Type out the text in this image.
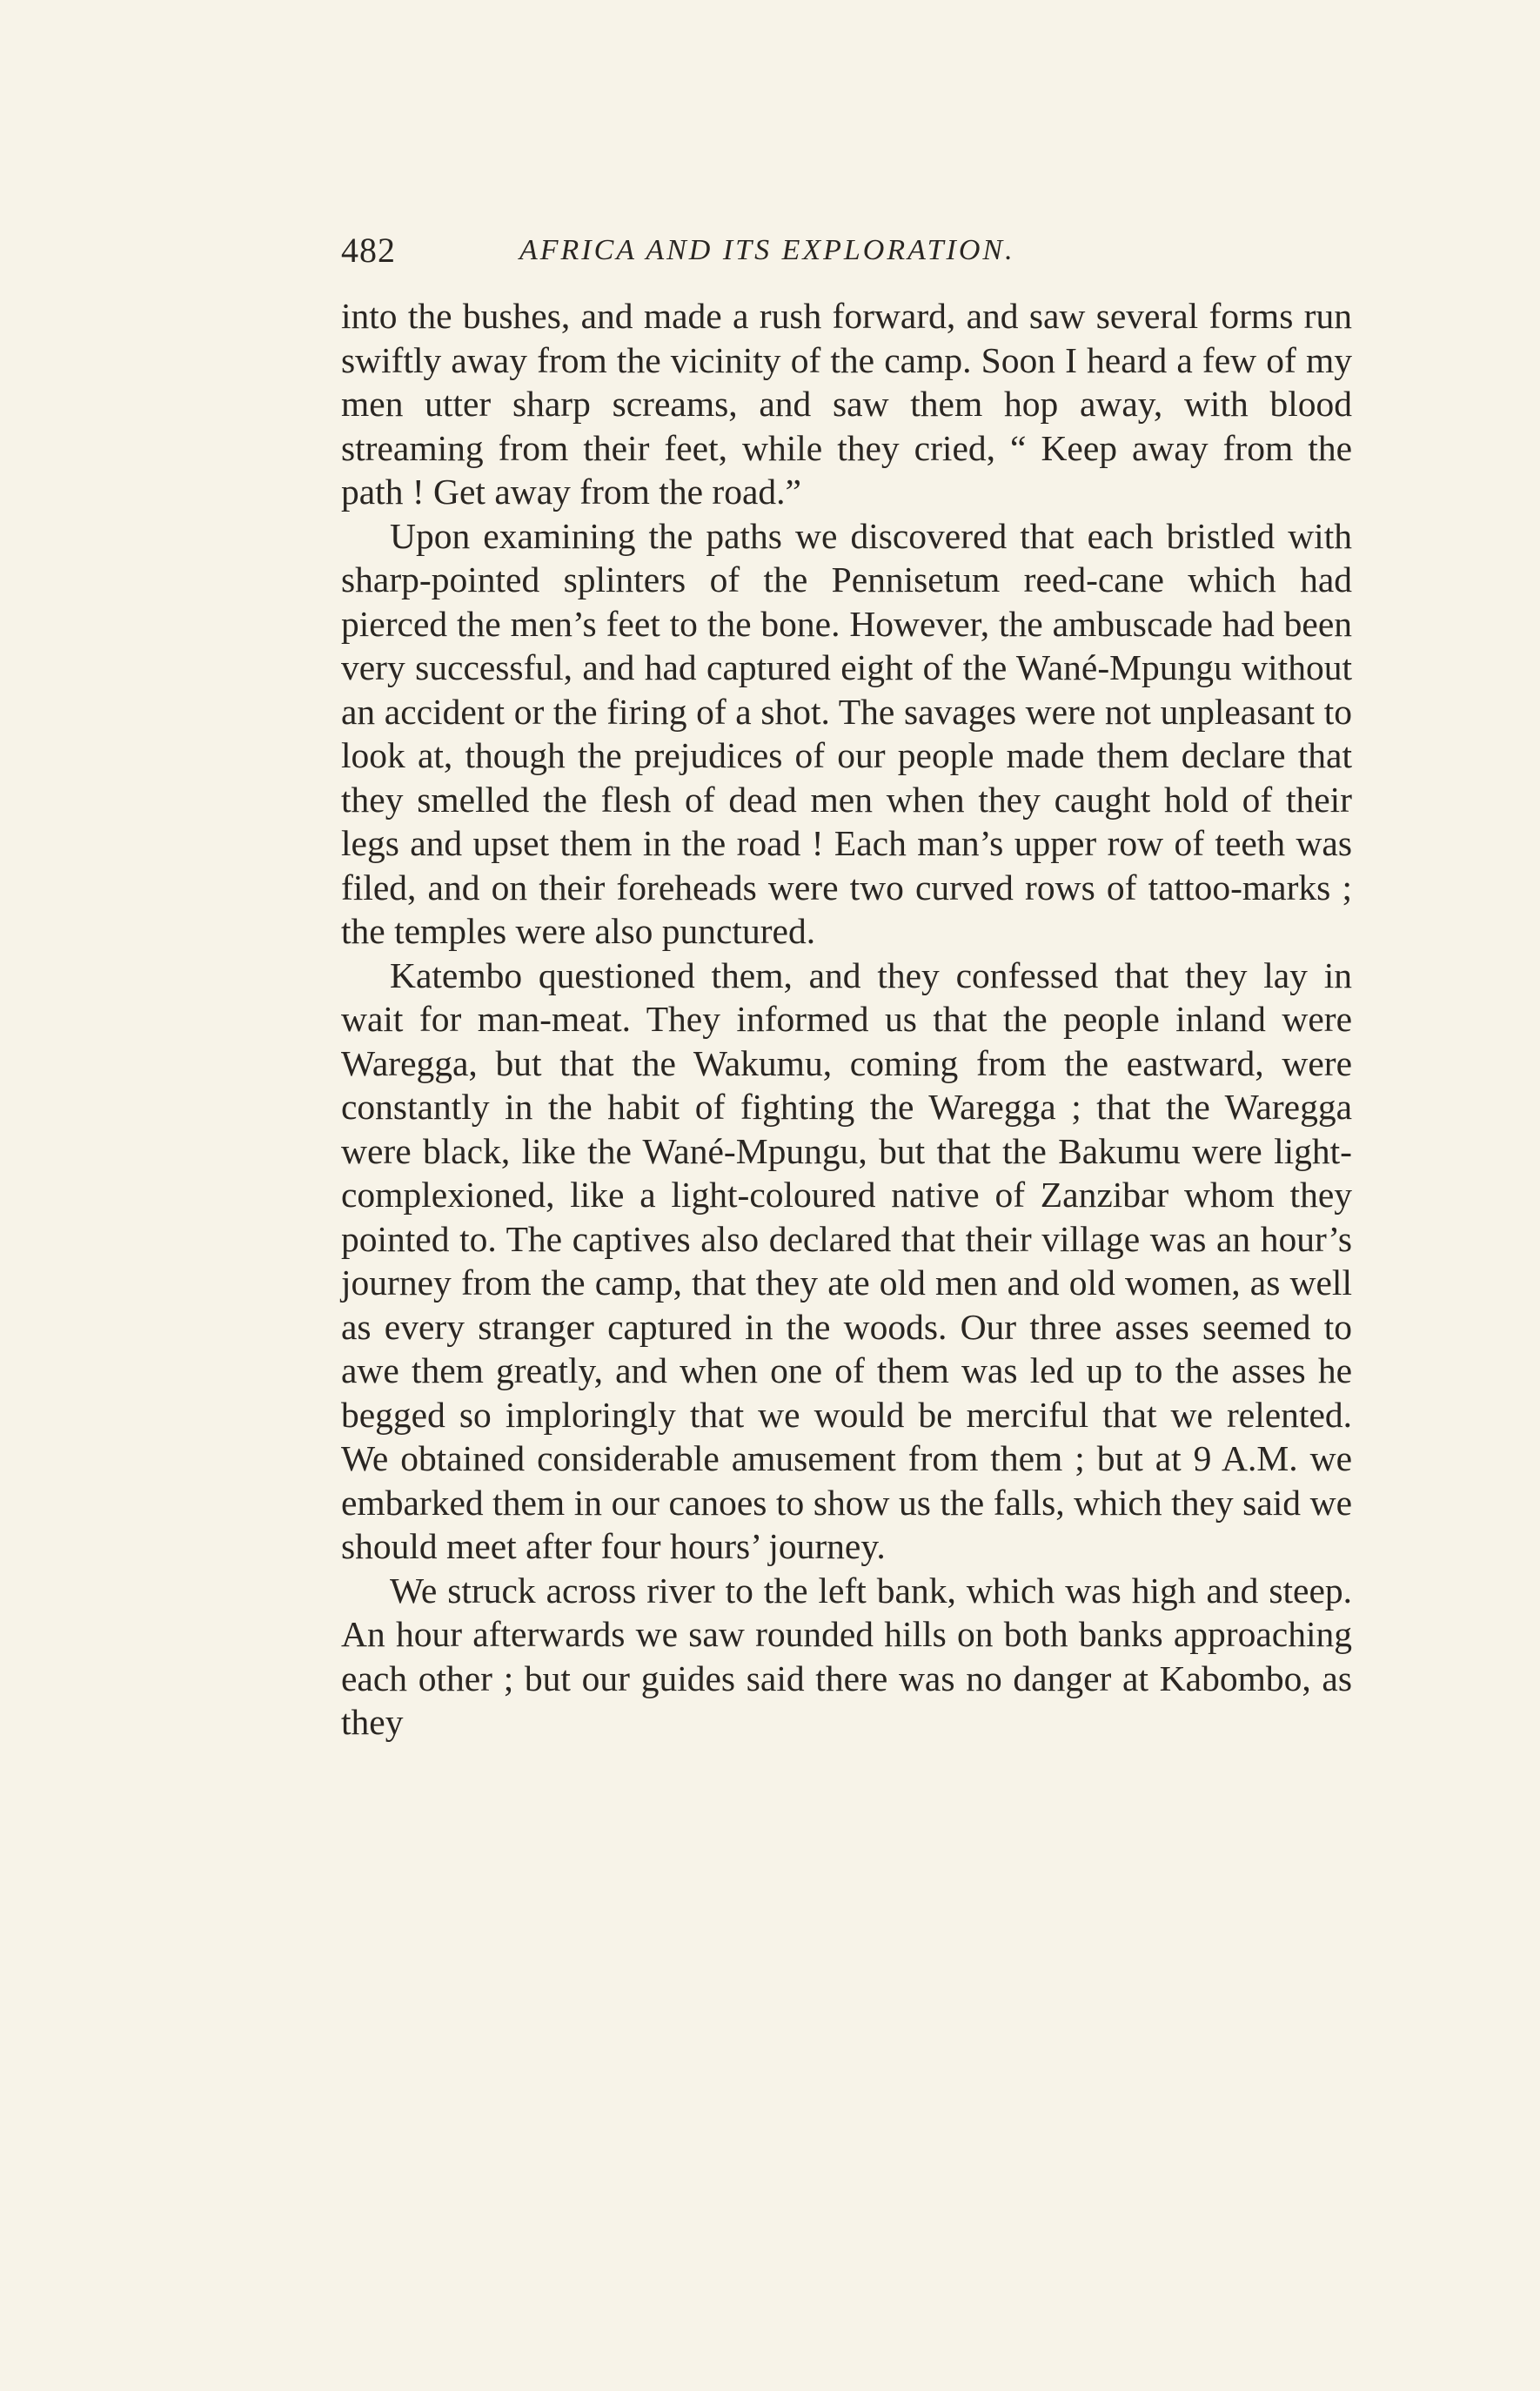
482	AFRICA AND ITS EXPLORATION.

into the bushes, and made a rush forward, and saw several forms run swiftly away from the vicinity of the camp. Soon I heard a few of my men utter sharp screams, and saw them hop away, with blood streaming from their feet, while they cried, “ Keep away from the path ! Get away from the road.”

Upon examining the paths we discovered that each bristled with sharp-pointed splinters of the Pennisetum reed-cane which had pierced the men’s feet to the bone. However, the ambuscade had been very successful, and had captured eight of the Wané-Mpungu without an accident or the firing of a shot. The savages were not unpleasant to look at, though the prejudices of our people made them declare that they smelled the flesh of dead men when they caught hold of their legs and upset them in the road ! Each man’s upper row of teeth was filed, and on their foreheads were two curved rows of tattoo-marks ; the temples were also punctured.

Katembo questioned them, and they confessed that they lay in wait for man-meat. They informed us that the people inland were Waregga, but that the Wakumu, coming from the eastward, were constantly in the habit of fighting the Waregga ; that the Waregga were black, like the Wané-Mpungu, but that the Bakumu were light-complexioned, like a light-coloured native of Zanzibar whom they pointed to. The captives also declared that their village was an hour’s journey from the camp, that they ate old men and old women, as well as every stranger captured in the woods. Our three asses seemed to awe them greatly, and when one of them was led up to the asses he begged so imploringly that we would be merciful that we relented. We obtained considerable amusement from them ; but at 9 A.M. we embarked them in our canoes to show us the falls, which they said we should meet after four hours’ journey.

We struck across river to the left bank, which was high and steep. An hour afterwards we saw rounded hills on both banks approaching each other ; but our guides said there was no danger at Kabombo, as they
